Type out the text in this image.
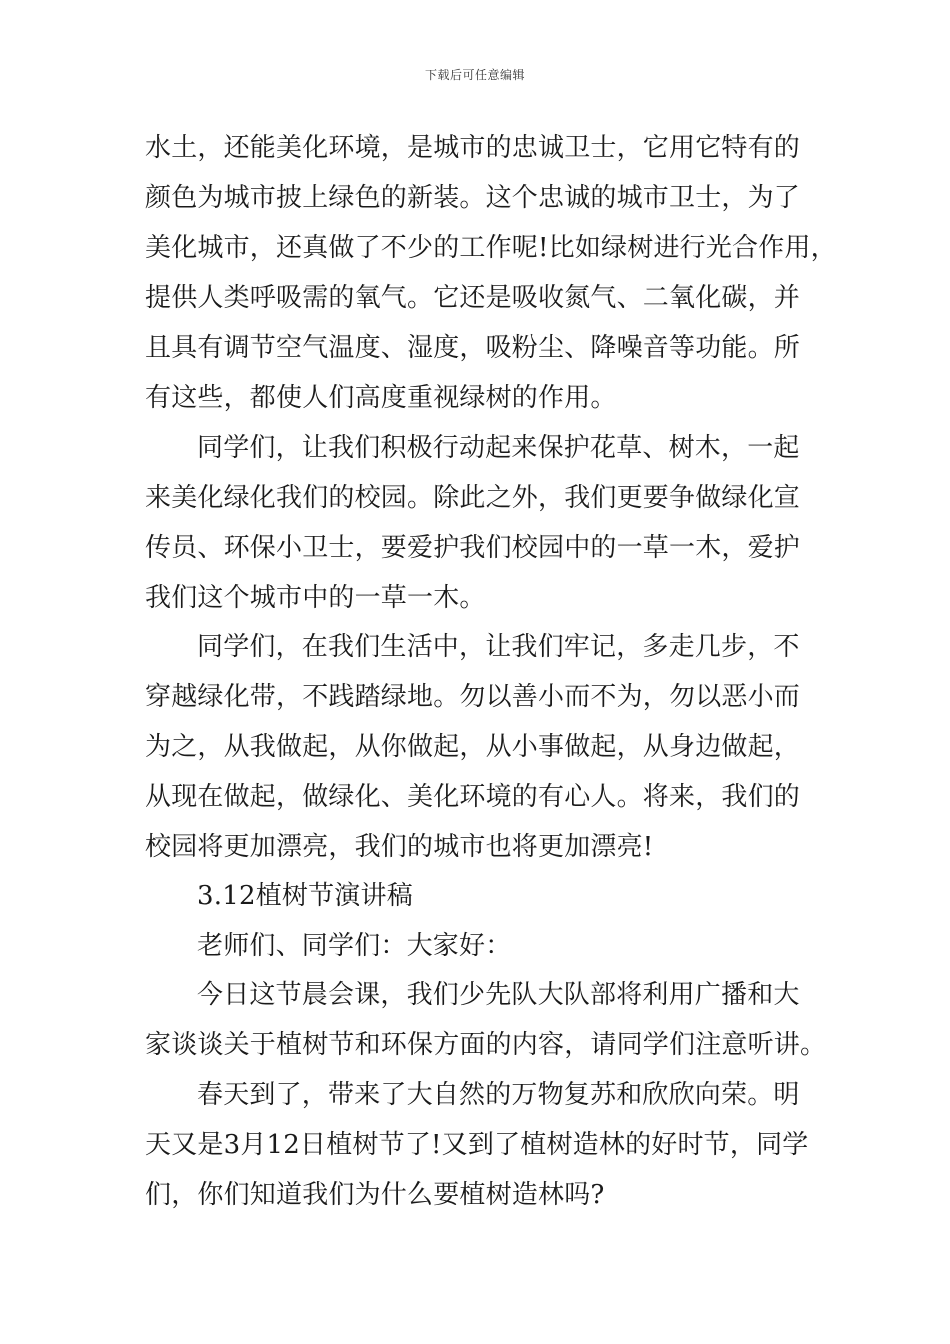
下载后可任意编辑
水土，还能美化环境，是城市的忠诚卫士，它用它特有的
颜色为城市披上绿色的新装。这个忠诚的城市卫士，为了
美化城市，还真做了不少的工作呢!比如绿树进行光合作用，
提供人类呼吸需的氧气。它还是吸收氮气、二氧化碳，并
且具有调节空气温度、湿度，吸粉尘、降噪音等功能。所
有这些，都使人们高度重视绿树的作用。
同学们，让我们积极行动起来保护花草、树木，一起
来美化绿化我们的校园。除此之外，我们更要争做绿化宣
传员、环保小卫士，要爱护我们校园中的一草一木，爱护
我们这个城市中的一草一木。
同学们，在我们生活中，让我们牢记，多走几步，不
穿越绿化带，不践踏绿地。勿以善小而不为，勿以恶小而
为之，从我做起，从你做起，从小事做起，从身边做起，
从现在做起，做绿化、美化环境的有心人。将来，我们的
校园将更加漂亮，我们的城市也将更加漂亮!
3.12植树节演讲稿
老师们、同学们：大家好：
今日这节晨会课，我们少先队大队部将利用广播和大
家谈谈关于植树节和环保方面的内容，请同学们注意听讲。
春天到了，带来了大自然的万物复苏和欣欣向荣。明
天又是3月12日植树节了!又到了植树造林的好时节，同学
们，你们知道我们为什么要植树造林吗?
